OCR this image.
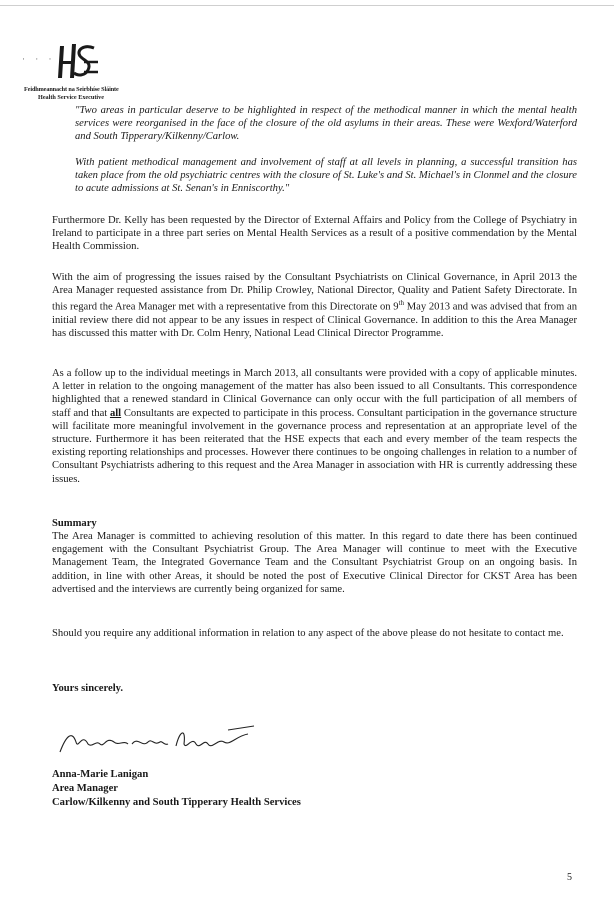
· · ·
Feidhmeannacht na Seirbhíse Sláinte
Health Service Executive

"Two areas in particular deserve to be highlighted in respect of the methodical manner in which the mental health services were reorganised in the face of the closure of the old asylums in their areas. These were Wexford/Waterford and South Tipperary/Kilkenny/Carlow.

With patient methodical management and involvement of staff at all levels in planning, a successful transition has taken place from the old psychiatric centres with the closure of St. Luke's and St. Michael's in Clonmel and the closure to acute admissions at St. Senan's in Enniscorthy."

Furthermore Dr. Kelly has been requested by the Director of External Affairs and Policy from the College of Psychiatry in Ireland to participate in a three part series on Mental Health Services as a result of a positive commendation by the Mental Health Commission.

With the aim of progressing the issues raised by the Consultant Psychiatrists on Clinical Governance, in April 2013 the Area Manager requested assistance from Dr. Philip Crowley, National Director, Quality and Patient Safety Directorate. In this regard the Area Manager met with a representative from this Directorate on 9th May 2013 and was advised that from an initial review there did not appear to be any issues in respect of Clinical Governance. In addition to this the Area Manager has discussed this matter with Dr. Colm Henry, National Lead Clinical Director Programme.

As a follow up to the individual meetings in March 2013, all consultants were provided with a copy of applicable minutes. A letter in relation to the ongoing management of the matter has also been issued to all Consultants. This correspondence highlighted that a renewed standard in Clinical Governance can only occur with the full participation of all members of staff and that all Consultants are expected to participate in this process. Consultant participation in the governance structure will facilitate more meaningful involvement in the governance process and representation at an appropriate level of the structure. Furthermore it has been reiterated that the HSE expects that each and every member of the team respects the existing reporting relationships and processes. However there continues to be ongoing challenges in relation to a number of Consultant Psychiatrists adhering to this request and the Area Manager in association with HR is currently addressing these issues.

Summary

The Area Manager is committed to achieving resolution of this matter. In this regard to date there has been continued engagement with the Consultant Psychiatrist Group. The Area Manager will continue to meet with the Executive Management Team, the Integrated Governance Team and the Consultant Psychiatrist Group on an ongoing basis. In addition, in line with other Areas, it should be noted the post of Executive Clinical Director for CKST Area has been advertised and the interviews are currently being organized for same.

Should you require any additional information in relation to any aspect of the above please do not hesitate to contact me.

Yours sincerely.

Anna-Marie Lanigan

Area Manager

Carlow/Kilkenny and South Tipperary Health Services

5
